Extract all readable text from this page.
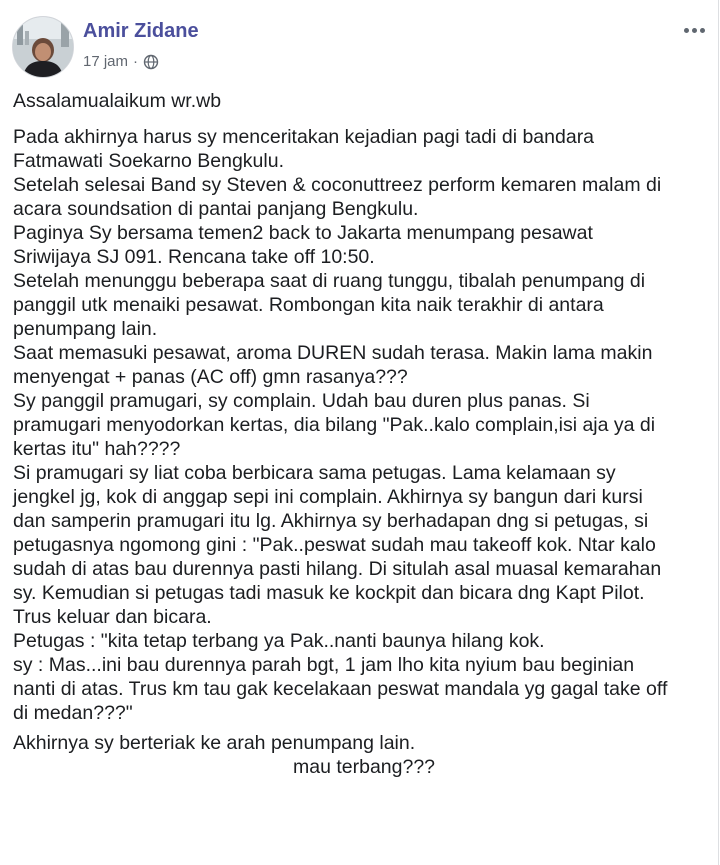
Amir Zidane
17 jam ·

Assalamualaikum wr.wb

Pada akhirnya harus sy menceritakan kejadian pagi tadi di bandara

Fatmawati Soekarno Bengkulu.

Setelah selesai Band sy Steven & coconuttreez perform kemaren malam di

acara soundsation di pantai panjang Bengkulu.

Paginya Sy bersama temen2 back to Jakarta menumpang pesawat

Sriwijaya SJ 091. Rencana take off 10:50.

Setelah menunggu beberapa saat di ruang tunggu, tibalah penumpang di

panggil utk menaiki pesawat. Rombongan kita naik terakhir di antara

penumpang lain.

Saat memasuki pesawat, aroma DUREN sudah terasa. Makin lama makin

menyengat + panas (AC off) gmn rasanya???

Sy panggil pramugari, sy complain. Udah bau duren plus panas. Si

pramugari menyodorkan kertas, dia bilang "Pak..kalo complain,isi aja ya di

kertas itu" hah????

Si pramugari sy liat coba berbicara sama petugas. Lama kelamaan sy

jengkel jg, kok di anggap sepi ini complain. Akhirnya sy bangun dari kursi

dan samperin pramugari itu lg. Akhirnya sy berhadapan dng si petugas, si

petugasnya ngomong gini : "Pak..peswat sudah mau takeoff kok. Ntar kalo

sudah di atas bau durennya pasti hilang. Di situlah asal muasal kemarahan

sy. Kemudian si petugas tadi masuk ke kockpit dan bicara dng Kapt Pilot.

Trus keluar dan bicara.

Petugas : "kita tetap terbang ya Pak..nanti baunya hilang kok.

sy : Mas...ini bau durennya parah bgt, 1 jam lho kita nyium bau beginian

nanti di atas. Trus km tau gak kecelakaan peswat mandala yg gagal take off

di medan???"

Akhirnya sy berteriak ke arah penumpang lain.

mau terbang???
